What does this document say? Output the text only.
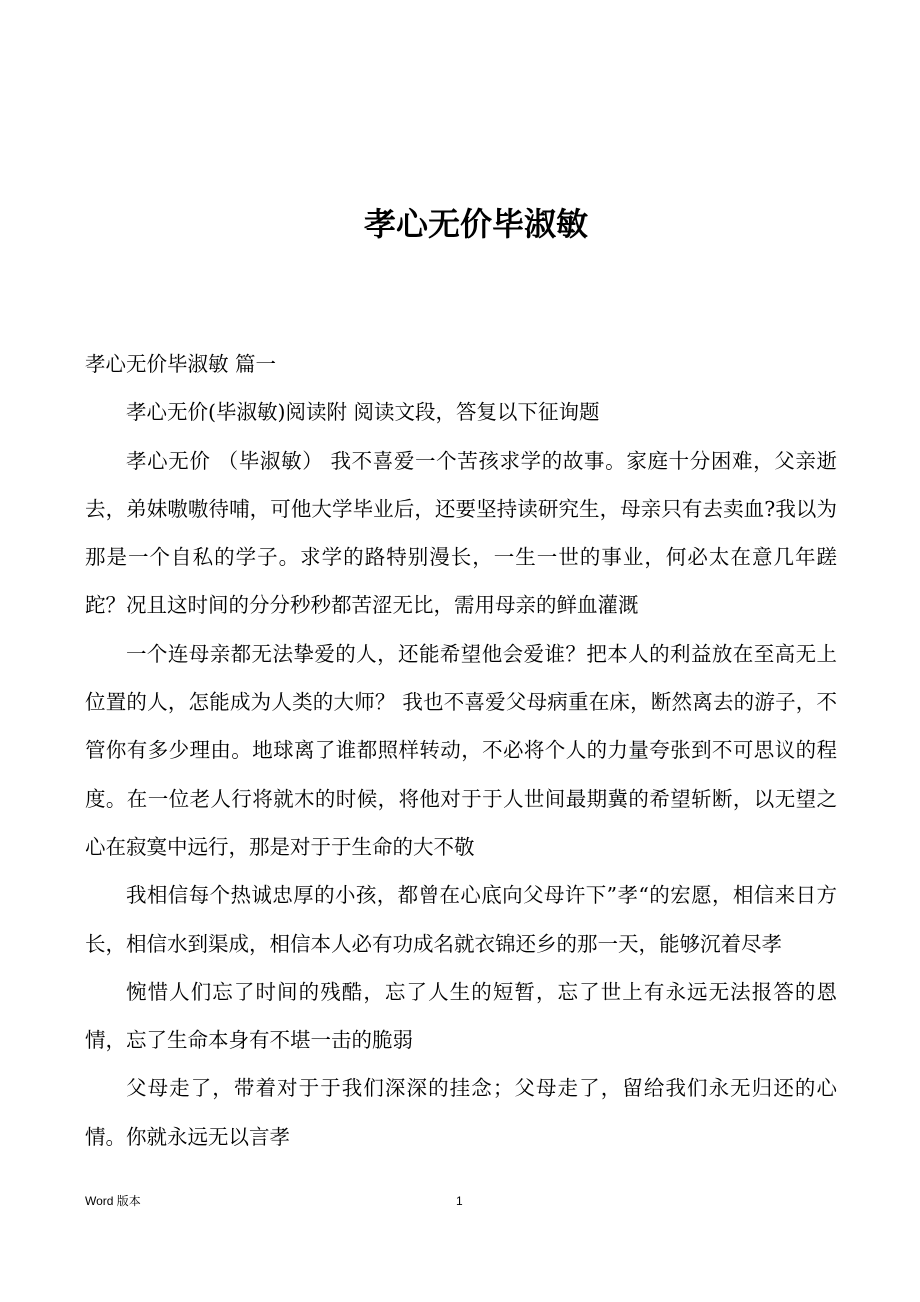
孝心无价毕淑敏

孝心无价毕淑敏 篇一

孝心无价(毕淑敏)阅读附 阅读文段，答复以下征询题

孝心无价 （毕淑敏） 我不喜爱一个苦孩求学的故事。家庭十分困难，父亲逝去，弟妹嗷嗷待哺，可他大学毕业后，还要坚持读研究生，母亲只有去卖血?我以为那是一个自私的学子。求学的路特别漫长，一生一世的事业，何必太在意几年蹉跎？况且这时间的分分秒秒都苦涩无比，需用母亲的鲜血灌溉

一个连母亲都无法挚爱的人，还能希望他会爱谁？把本人的利益放在至高无上位置的人，怎能成为人类的大师？ 我也不喜爱父母病重在床，断然离去的游子，不管你有多少理由。地球离了谁都照样转动，不必将个人的力量夸张到不可思议的程度。在一位老人行将就木的时候，将他对于于人世间最期冀的希望斩断，以无望之心在寂寞中远行，那是对于于生命的大不敬

我相信每个热诚忠厚的小孩，都曾在心底向父母许下”孝“的宏愿，相信来日方长，相信水到渠成，相信本人必有功成名就衣锦还乡的那一天，能够沉着尽孝

惋惜人们忘了时间的残酷，忘了人生的短暂，忘了世上有永远无法报答的恩情，忘了生命本身有不堪一击的脆弱

父母走了，带着对于于我们深深的挂念；父母走了，留给我们永无归还的心情。你就永远无以言孝

Word 版本	1
